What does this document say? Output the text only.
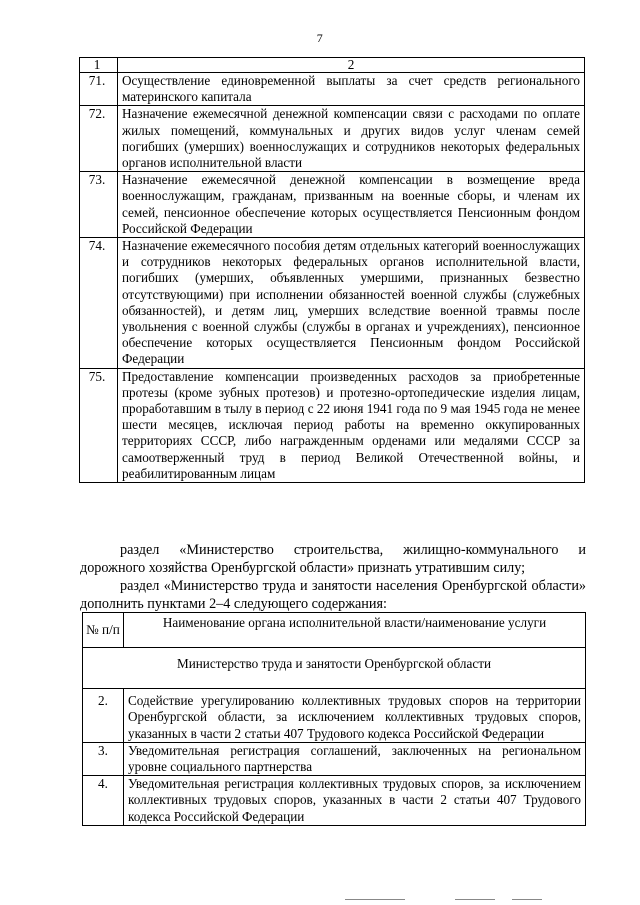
7
1	2
71.	Осуществление единовременной выплаты за счет средств регионального материнского капитала
72.	Назначение ежемесячной денежной компенсации связи с расходами по оплате жилых помещений, коммунальных и других видов услуг членам семей погибших (умерших) военнослужащих и сотрудников некоторых федеральных органов исполнительной власти
73.	Назначение ежемесячной денежной компенсации в возмещение вреда военнослужащим, гражданам, призванным на военные сборы, и членам их семей, пенсионное обеспечение которых осуществляется Пенсионным фондом Российской Федерации
74.	Назначение ежемесячного пособия детям отдельных категорий военнослужащих и сотрудников некоторых федеральных органов исполнительной власти, погибших (умерших, объявленных умершими, признанных безвестно отсутствующими) при исполнении обязанностей военной службы (служебных обязанностей), и детям лиц, умерших вследствие военной травмы после увольнения с военной службы (службы в органах и учреждениях), пенсионное обеспечение которых осуществляется Пенсионным фондом Российской Федерации
75.	Предоставление компенсации произведенных расходов за приобретенные протезы (кроме зубных протезов) и протезно-ортопедические изделия лицам, проработавшим в тылу в период с 22 июня 1941 года по 9 мая 1945 года не менее шести месяцев, исключая период работы на временно оккупированных территориях СССР, либо награжденным орденами или медалями СССР за самоотверженный труд в период Великой Отечественной войны, и реабилитированным лицам
раздел «Министерство строительства, жилищно-коммунального и дорожного хозяйства Оренбургской области» признать утратившим силу;
раздел «Министерство труда и занятости населения Оренбургской области» дополнить пунктами 2–4 следующего содержания:
№ п/п	Наименование органа исполнительной власти/наименование услуги
Министерство труда и занятости Оренбургской области	
2.	Содействие урегулированию коллективных трудовых споров на территории Оренбургской области, за исключением коллективных трудовых споров, указанных в части 2 статьи 407 Трудового кодекса Российской Федерации
3.	Уведомительная регистрация соглашений, заключенных на региональном уровне социального партнерства
4.	Уведомительная регистрация коллективных трудовых споров, за исключением коллективных трудовых споров, указанных в части 2 статьи 407 Трудового кодекса Российской Федерации
